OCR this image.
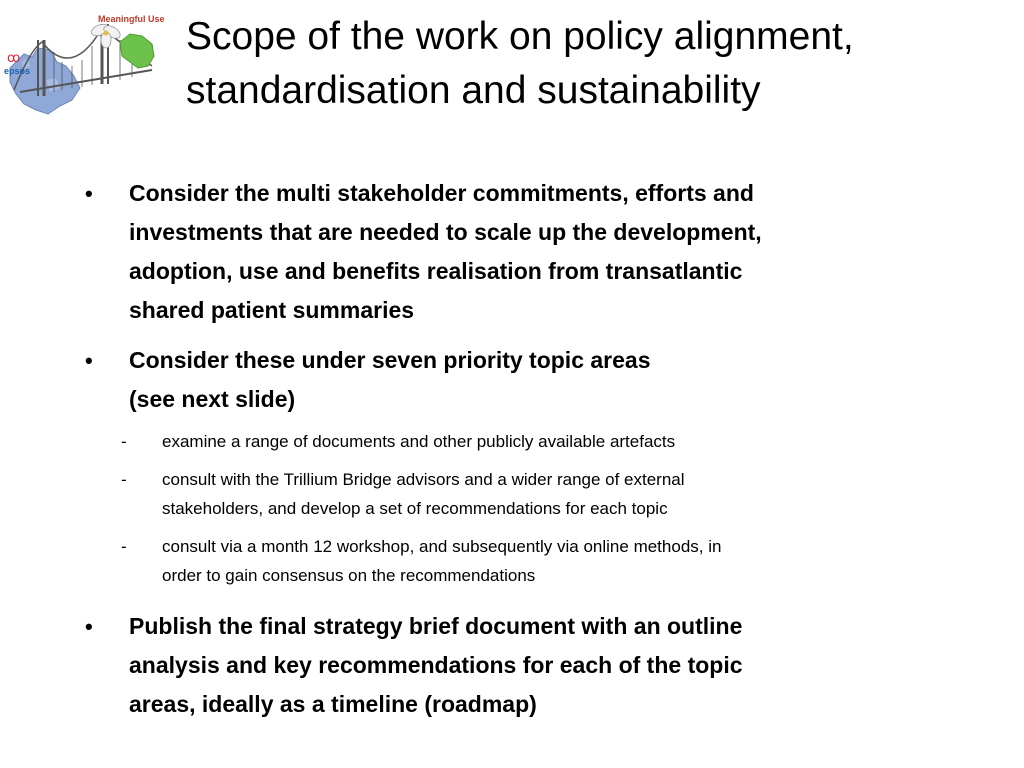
Meaningful Use
ꝏ
epsos
Scope of the work on policy alignment,
standardisation and sustainability
• Consider the multi stakeholder commitments, efforts and
investments that are needed to scale up the development,
adoption, use and benefits realisation from transatlantic
shared patient summaries
• Consider these under seven priority topic areas
(see next slide)
- examine a range of documents and other publicly available artefacts
- consult with the Trillium Bridge advisors and a wider range of external
stakeholders, and develop a set of recommendations for each topic
- consult via a month 12 workshop, and subsequently via online methods, in
order to gain consensus on the recommendations
• Publish the final strategy brief document with an outline
analysis and key recommendations for each of the topic
areas, ideally as a timeline (roadmap)
